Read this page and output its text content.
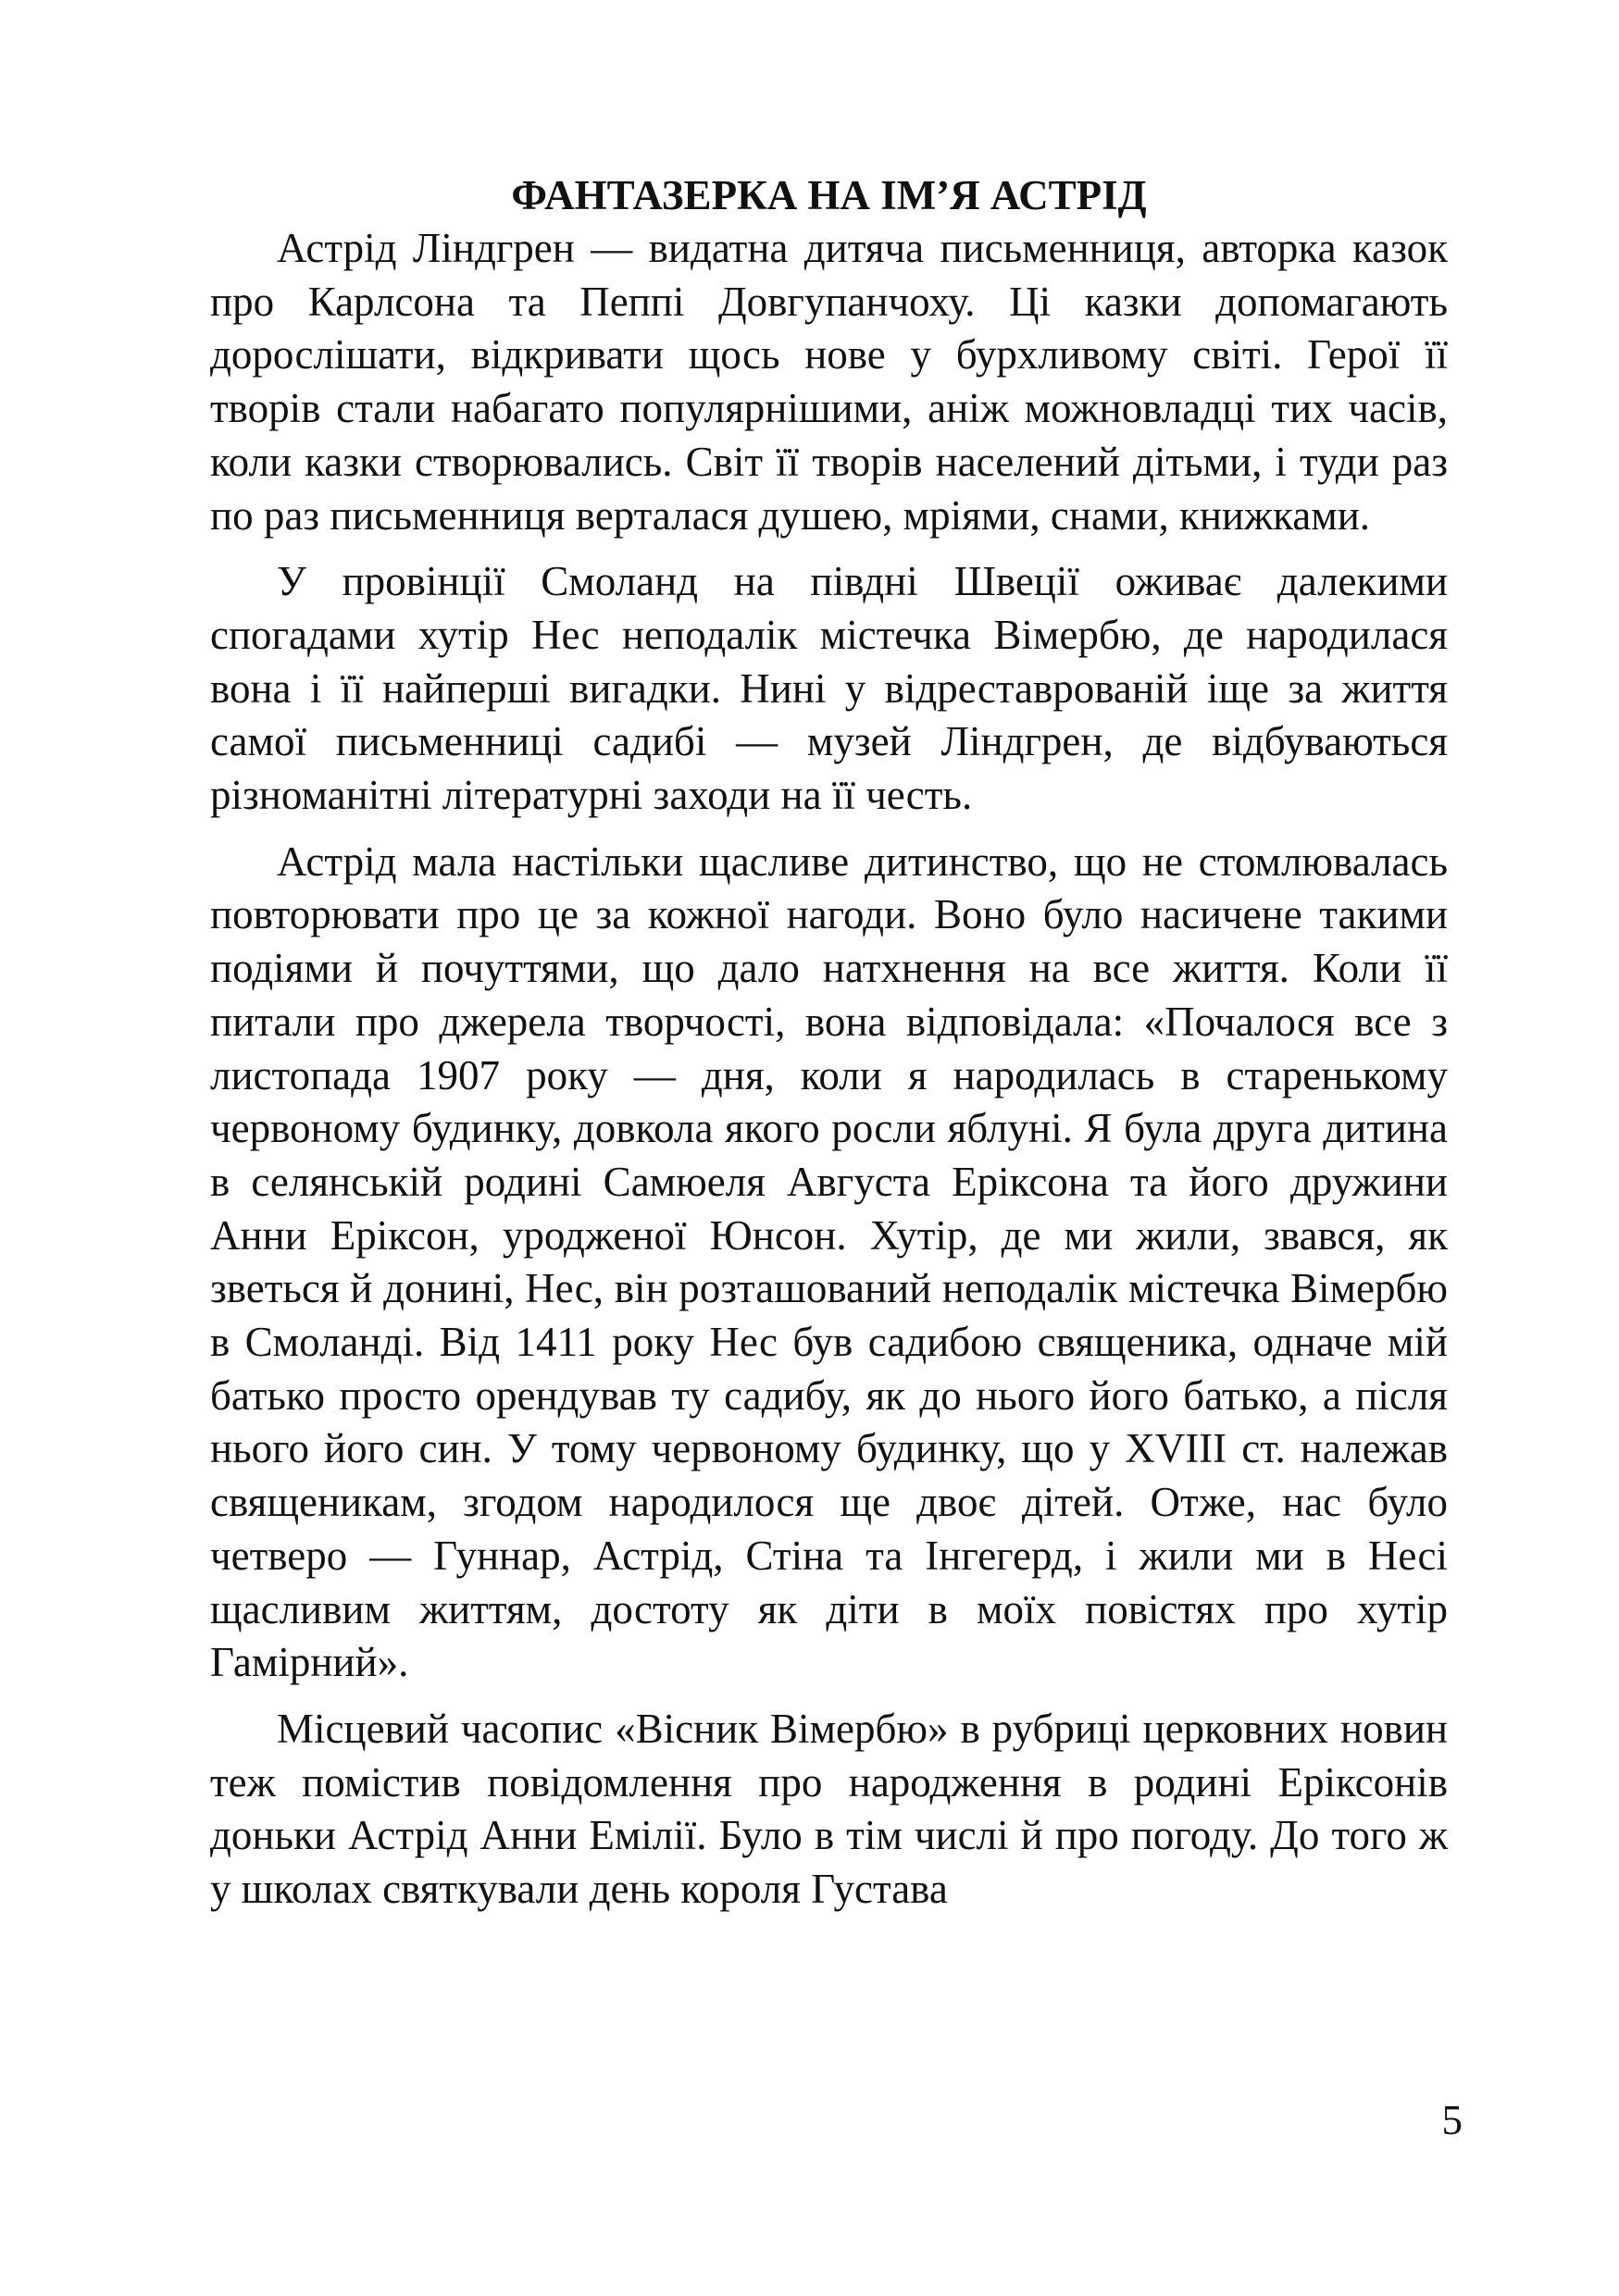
ФАНТАЗЕРКА НА ІМ’Я АСТРІД

Астрід Ліндгрен — видатна дитяча письменниця, авторка казок про Карлсона та Пеппі Довгупанчоху. Ці казки допомагають дорослішати, відкривати щось нове у бурхливому світі. Герої її творів стали набагато популярнішими, аніж можновладці тих часів, коли казки створювались. Світ її творів населений дітьми, і туди раз по раз письменниця верталася душею, мріями, снами, книжками.

У провінції Смоланд на півдні Швеції оживає далекими спогадами хутір Нес неподалік містечка Вімербю, де народилася вона і її найперші вигадки. Нині у відреставрованій іще за життя самої письменниці садибі — музей Ліндгрен, де відбуваються різноманітні літературні заходи на її честь.

Астрід мала настільки щасливе дитинство, що не стомлювалась повторювати про це за кожної нагоди. Воно було насичене такими подіями й почуттями, що дало натхнення на все життя. Коли її питали про джерела творчості, вона відповідала: «Почалося все з листопада 1907 року — дня, коли я народилась в старенькому червоному будинку, довкола якого росли яблуні. Я була друга дитина в селянській родині Самюеля Августа Еріксона та його дружини Анни Еріксон, уродженої Юнсон. Хутір, де ми жили, звався, як зветься й донині, Нес, він розташований неподалік містечка Вімербю в Смоланді. Від 1411 року Нес був садибою священика, одначе мій батько просто орендував ту садибу, як до нього його батько, а після нього його син. У тому червоному будинку, що у XVIII ст. належав священикам, згодом народилося ще двоє дітей. Отже, нас було четверо — Гуннар, Астрід, Стіна та Інгегерд, і жили ми в Несі щасливим життям, достоту як діти в моїх повістях про хутір Гамірний».

Місцевий часопис «Вісник Вімербю» в рубриці церковних новин теж помістив повідомлення про народження в родині Еріксонів доньки Астрід Анни Емілії. Було в тім числі й про погоду. До того ж у школах святкували день короля Густава

5
